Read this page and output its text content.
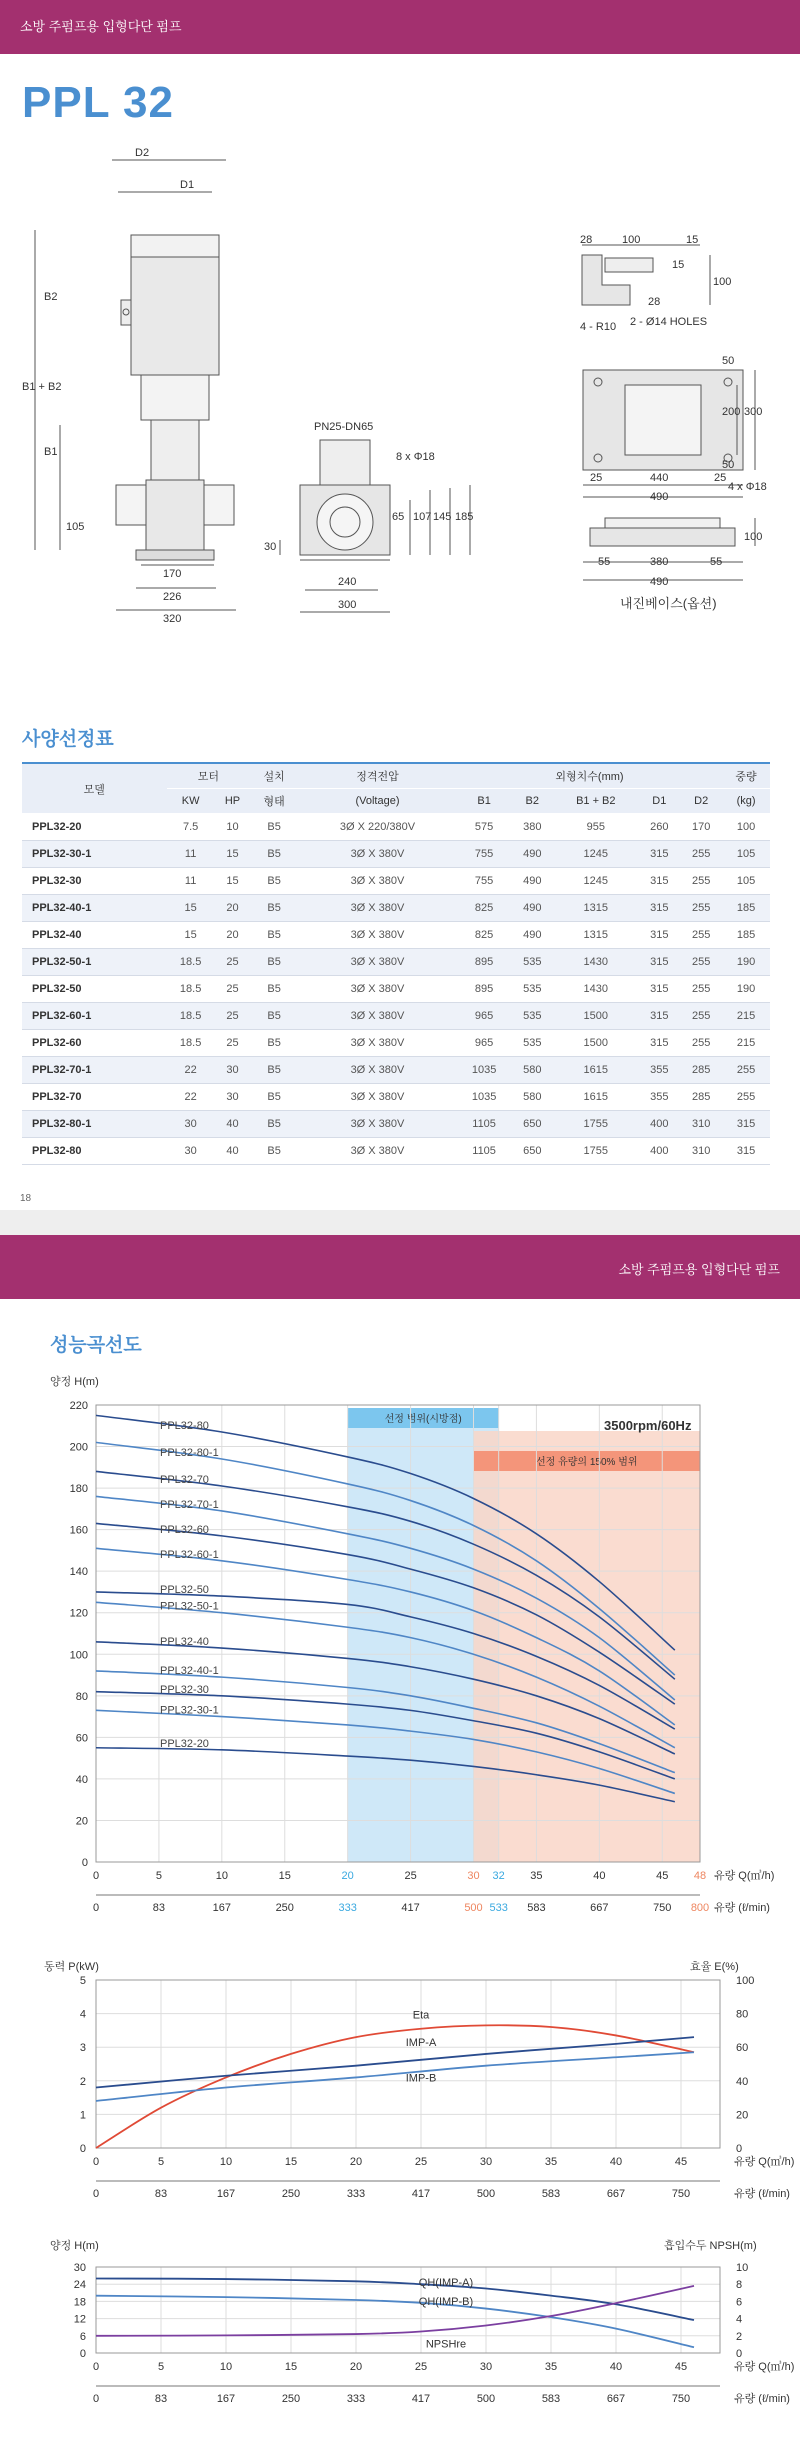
소방 주펌프용 입형다단 펌프
PPL 32
D2
D1
B2
B1 + B2
B1
105
170
226
320
PN25-DN65
8 x Φ18
65 107 145 185
30
240
300
28	100	15
15
28
100
4 - R10 2 - Ø14 HOLES
50
200 300
50
25	440	25
490
4 x Φ18
55	380	55
490
100
내진베이스(옵션)
사양선정표
모델	모터		설치	정격전압	외형치수(mm)					중량
	KW	HP	형태	(Voltage)	B1	B2	B1 + B2	D1	D2	(kg)
PPL32-20	7.5	10	B5	3Ø X 220/380V	575	380	955	260	170	100
PPL32-30-1	11	15	B5	3Ø X 380V	755	490	1245	315	255	105
PPL32-30	11	15	B5	3Ø X 380V	755	490	1245	315	255	105
PPL32-40-1	15	20	B5	3Ø X 380V	825	490	1315	315	255	185
PPL32-40	15	20	B5	3Ø X 380V	825	490	1315	315	255	185
PPL32-50-1	18.5	25	B5	3Ø X 380V	895	535	1430	315	255	190
PPL32-50	18.5	25	B5	3Ø X 380V	895	535	1430	315	255	190
PPL32-60-1	18.5	25	B5	3Ø X 380V	965	535	1500	315	255	215
PPL32-60	18.5	25	B5	3Ø X 380V	965	535	1500	315	255	215
PPL32-70-1	22	30	B5	3Ø X 380V	1035	580	1615	355	285	255
PPL32-70	22	30	B5	3Ø X 380V	1035	580	1615	355	285	255
PPL32-80-1	30	40	B5	3Ø X 380V	1105	650	1755	400	310	315
PPL32-80	30	40	B5	3Ø X 380V	1105	650	1755	400	310	315
18
소방 주펌프용 입형다단 펌프
성능곡선도
선정 범위(시방점)
선정 유량의 150% 범위
0
20
40
60
80
100
120
140
160
180
200
220
양정 H(m)
3500rpm/60Hz
PPL32-80
PPL32-80-1
PPL32-70
PPL32-70-1
PPL32-60
PPL32-60-1
PPL32-50
PPL32-50-1
PPL32-40
PPL32-40-1
PPL32-30
PPL32-30-1
PPL32-20
0
0
5
83
10
167
15
250
20
333
25
417
30
500
32
533
35
583
40
667
45
750
48
800
유량 Q(㎥/h)
유량 (ℓ/min)
0
1
2
3
4
5
0
20
40
60
80
100
동력 P(kW)	효율 E(%)
Eta
IMP-A
IMP-B
0
0
5
83
10
167
15
250
20
333
25
417
30
500
35
583
40
667
45
750
유량 Q(㎥/h)
유량 (ℓ/min)
0
6
12
18
24
30
0
2
4
6
8
10
양정 H(m)	흡입수두 NPSH(m)
QH(IMP-A)
QH(IMP-B)
NPSHre
0
0
5
83
10
167
15
250
20
333
25
417
30
500
35
583
40
667
45
750
유량 Q(㎥/h)
유량 (ℓ/min)
